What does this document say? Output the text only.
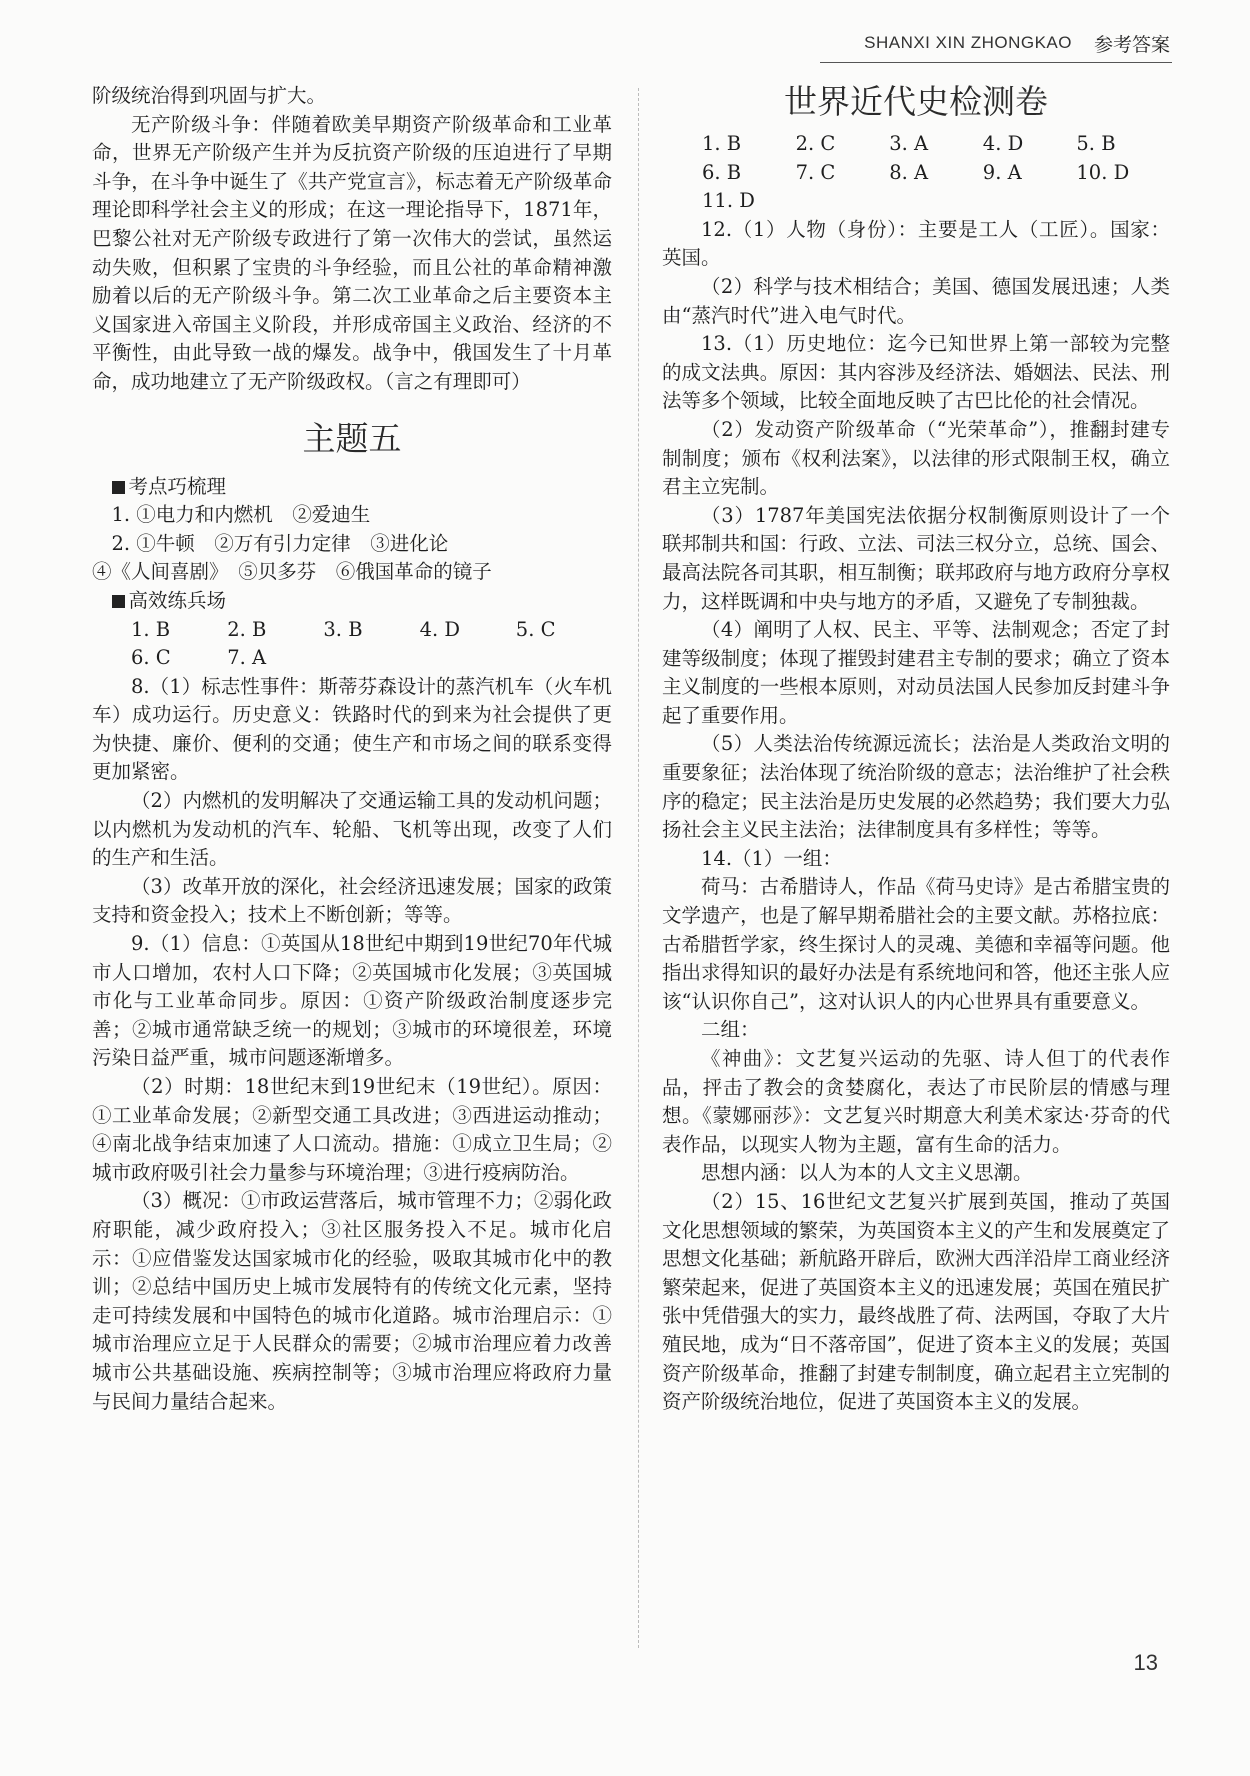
SHANXI XIN ZHONGKAO 参考答案

阶级统治得到巩固与扩大。

无产阶级斗争：伴随着欧美早期资产阶级革命和工业革命，世界无产阶级产生并为反抗资产阶级的压迫进行了早期斗争，在斗争中诞生了《共产党宣言》，标志着无产阶级革命理论即科学社会主义的形成；在这一理论指导下，1871年，巴黎公社对无产阶级专政进行了第一次伟大的尝试，虽然运动失败，但积累了宝贵的斗争经验，而且公社的革命精神激励着以后的无产阶级斗争。第二次工业革命之后主要资本主义国家进入帝国主义阶段，并形成帝国主义政治、经济的不平衡性，由此导致一战的爆发。战争中，俄国发生了十月革命，成功地建立了无产阶级政权。（言之有理即可）

主题五

考点巧梳理

1. ①电力和内燃机　②爱迪生

2. ①牛顿　②万有引力定律　③进化论

④《人间喜剧》　⑤贝多芬　⑥俄国革命的镜子

高效练兵场

1. B	2. B	3. B	4. D	5. C
6. C	7. A

8.（1）标志性事件：斯蒂芬森设计的蒸汽机车（火车机车）成功运行。历史意义：铁路时代的到来为社会提供了更为快捷、廉价、便利的交通；使生产和市场之间的联系变得更加紧密。

（2）内燃机的发明解决了交通运输工具的发动机问题；以内燃机为发动机的汽车、轮船、飞机等出现，改变了人们的生产和生活。

（3）改革开放的深化，社会经济迅速发展；国家的政策支持和资金投入；技术上不断创新；等等。

9.（1）信息：①英国从18世纪中期到19世纪70年代城市人口增加，农村人口下降；②英国城市化发展；③英国城市化与工业革命同步。原因：①资产阶级政治制度逐步完善；②城市通常缺乏统一的规划；③城市的环境很差，环境污染日益严重，城市问题逐渐增多。

（2）时期：18世纪末到19世纪末（19世纪）。原因：①工业革命发展；②新型交通工具改进；③西进运动推动；④南北战争结束加速了人口流动。措施：①成立卫生局；②城市政府吸引社会力量参与环境治理；③进行疫病防治。

（3）概况：①市政运营落后，城市管理不力；②弱化政府职能，减少政府投入；③社区服务投入不足。城市化启示：①应借鉴发达国家城市化的经验，吸取其城市化中的教训；②总结中国历史上城市发展特有的传统文化元素，坚持走可持续发展和中国特色的城市化道路。城市治理启示：①城市治理应立足于人民群众的需要；②城市治理应着力改善城市公共基础设施、疾病控制等；③城市治理应将政府力量与民间力量结合起来。

世界近代史检测卷
1. B	2. C	3. A	4. D	5. B
6. B	7. C	8. A	9. A	10. D

11. D

12.（1）人物（身份）：主要是工人（工匠）。国家：英国。

（2）科学与技术相结合；美国、德国发展迅速；人类由“蒸汽时代”进入电气时代。

13.（1）历史地位：迄今已知世界上第一部较为完整的成文法典。原因：其内容涉及经济法、婚姻法、民法、刑法等多个领域，比较全面地反映了古巴比伦的社会情况。

（2）发动资产阶级革命（“光荣革命”），推翻封建专制制度；颁布《权利法案》，以法律的形式限制王权，确立君主立宪制。

（3）1787年美国宪法依据分权制衡原则设计了一个联邦制共和国：行政、立法、司法三权分立，总统、国会、最高法院各司其职，相互制衡；联邦政府与地方政府分享权力，这样既调和中央与地方的矛盾，又避免了专制独裁。

（4）阐明了人权、民主、平等、法制观念；否定了封建等级制度；体现了摧毁封建君主专制的要求；确立了资本主义制度的一些根本原则，对动员法国人民参加反封建斗争起了重要作用。

（5）人类法治传统源远流长；法治是人类政治文明的重要象征；法治体现了统治阶级的意志；法治维护了社会秩序的稳定；民主法治是历史发展的必然趋势；我们要大力弘扬社会主义民主法治；法律制度具有多样性；等等。

14.（1）一组：

荷马：古希腊诗人，作品《荷马史诗》是古希腊宝贵的文学遗产，也是了解早期希腊社会的主要文献。苏格拉底：古希腊哲学家，终生探讨人的灵魂、美德和幸福等问题。他指出求得知识的最好办法是有系统地问和答，他还主张人应该“认识你自己”，这对认识人的内心世界具有重要意义。

二组：

《神曲》：文艺复兴运动的先驱、诗人但丁的代表作品，抨击了教会的贪婪腐化，表达了市民阶层的情感与理想。《蒙娜丽莎》：文艺复兴时期意大利美术家达·芬奇的代表作品，以现实人物为主题，富有生命的活力。

思想内涵：以人为本的人文主义思潮。

（2）15、16世纪文艺复兴扩展到英国，推动了英国文化思想领域的繁荣，为英国资本主义的产生和发展奠定了思想文化基础；新航路开辟后，欧洲大西洋沿岸工商业经济繁荣起来，促进了英国资本主义的迅速发展；英国在殖民扩张中凭借强大的实力，最终战胜了荷、法两国，夺取了大片殖民地，成为“日不落帝国”，促进了资本主义的发展；英国资产阶级革命，推翻了封建专制制度，确立起君主立宪制的资产阶级统治地位，促进了英国资本主义的发展。

​
13
